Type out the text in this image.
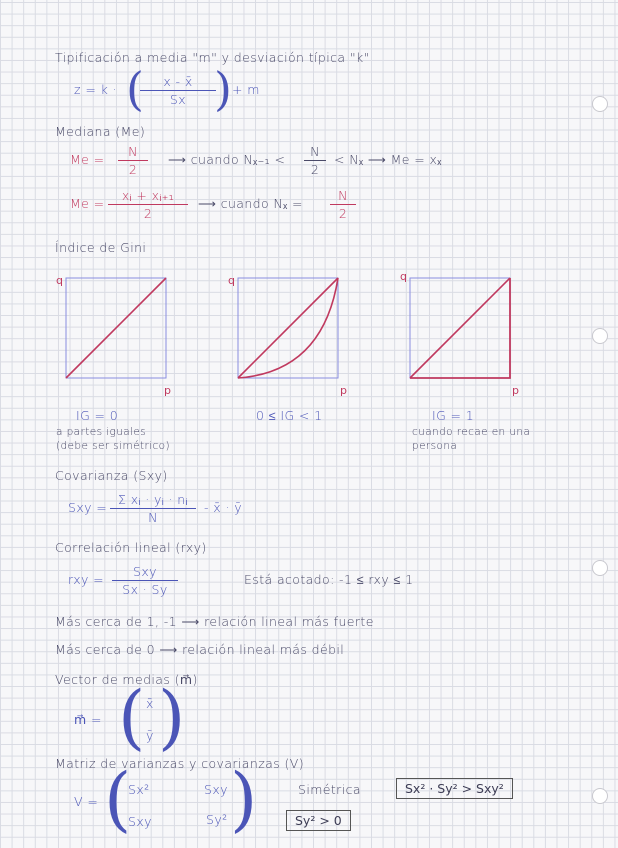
Tipificación a media "m" y desviación típica "k"
z = k · (	x - x̄
Sx ) + m
Mediana (Me)
Me =
N
2
⟶ cuando Nₓ₋₁ <
N
2
< Nₓ ⟶ Me = xₓ
Me =
xᵢ + xᵢ₊₁
2
⟶ cuando Nₓ =
N
2
Índice de Gini
q
p
q
p
q
p
IG = 0
a partes iguales
(debe ser simétrico)
0 ≤ IG < 1	IG = 1
cuando recae en una
persona
Covarianza (Sxy)
Sxy =
Σ xᵢ · yᵢ · nᵢ
N
- x̄ · ȳ
Correlación lineal (rxy)
rxy =
Sxy
Sx · Sy
Está acotado: -1 ≤ rxy ≤ 1
Más cerca de 1, -1 ⟶ relación lineal más fuerte
Más cerca de 0 ⟶ relación lineal más débil
Vector de medias (m⃗)
m⃗ = ( x̄
ȳ )
Matriz de varianzas y covarianzas (V)
V = (
Sx²	Sxy
Sxy	Sy² )	Simétrica	Sx² · Sy² > Sxy²
Sy² > 0
